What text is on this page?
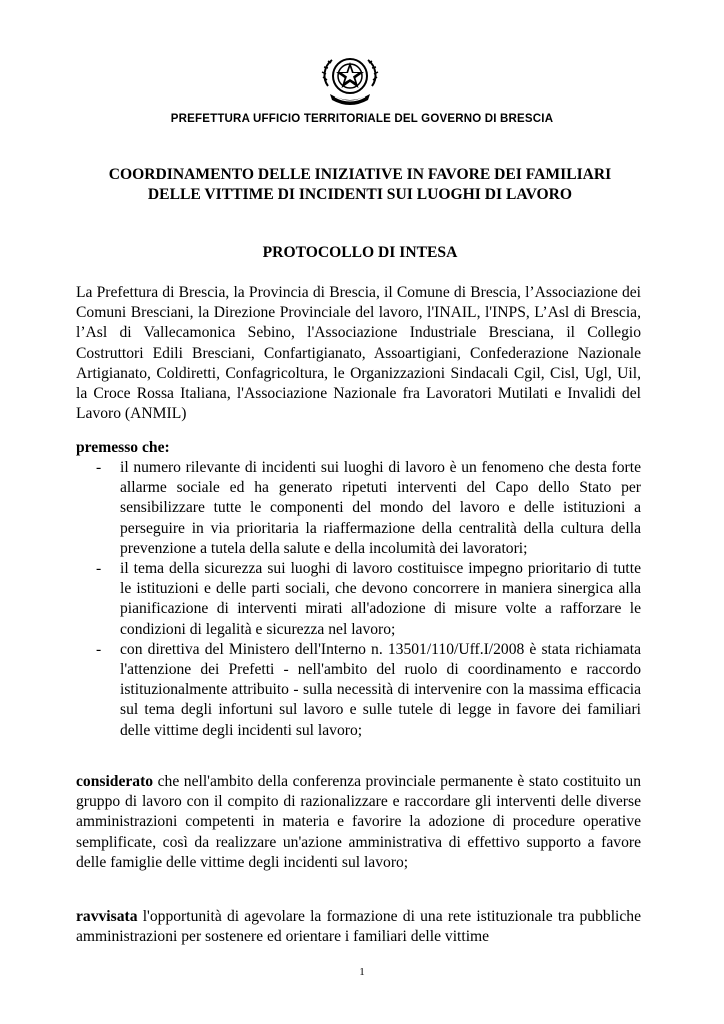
PREFETTURA UFFICIO TERRITORIALE DEL GOVERNO DI BRESCIA
COORDINAMENTO DELLE INIZIATIVE IN FAVORE DEI FAMILIARI
DELLE VITTIME DI INCIDENTI SUI LUOGHI DI LAVORO
PROTOCOLLO DI INTESA
La Prefettura di Brescia, la Provincia di Brescia, il Comune di Brescia, l’Associazione dei Comuni Bresciani, la Direzione Provinciale del lavoro, l'INAIL, l'INPS, L’Asl di Brescia, l’Asl di Vallecamonica Sebino, l'Associazione Industriale Bresciana, il Collegio Costruttori Edili Bresciani, Confartigianato, Assoartigiani, Confederazione Nazionale Artigianato, Coldiretti, Confagricoltura, le Organizzazioni Sindacali Cgil, Cisl, Ugl, Uil, la Croce Rossa Italiana, l'Associazione Nazionale fra Lavoratori Mutilati e Invalidi del Lavoro (ANMIL)
premesso che:
- il numero rilevante di incidenti sui luoghi di lavoro è un fenomeno che desta forte allarme sociale ed ha generato ripetuti interventi del Capo dello Stato per sensibilizzare tutte le componenti del mondo del lavoro e delle istituzioni a perseguire in via prioritaria la riaffermazione della centralità della cultura della prevenzione a tutela della salute e della incolumità dei lavoratori;
- il tema della sicurezza sui luoghi di lavoro costituisce impegno prioritario di tutte le istituzioni e delle parti sociali, che devono concorrere in maniera sinergica alla pianificazione di interventi mirati all'adozione di misure volte a rafforzare le condizioni di legalità e sicurezza nel lavoro;
- con direttiva del Ministero dell'Interno n. 13501/110/Uff.I/2008 è stata richiamata l'attenzione dei Prefetti - nell'ambito del ruolo di coordinamento e raccordo istituzionalmente attribuito - sulla necessità di intervenire con la massima efficacia sul tema degli infortuni sul lavoro e sulle tutele di legge in favore dei familiari delle vittime degli incidenti sul lavoro;
considerato che nell'ambito della conferenza provinciale permanente è stato costituito un gruppo di lavoro con il compito di razionalizzare e raccordare gli interventi delle diverse amministrazioni competenti in materia e favorire la adozione di procedure operative semplificate, così da realizzare un'azione amministrativa di effettivo supporto a favore delle famiglie delle vittime degli incidenti sul lavoro;
ravvisata l'opportunità di agevolare la formazione di una rete istituzionale tra pubbliche amministrazioni per sostenere ed orientare i familiari delle vittime
1
